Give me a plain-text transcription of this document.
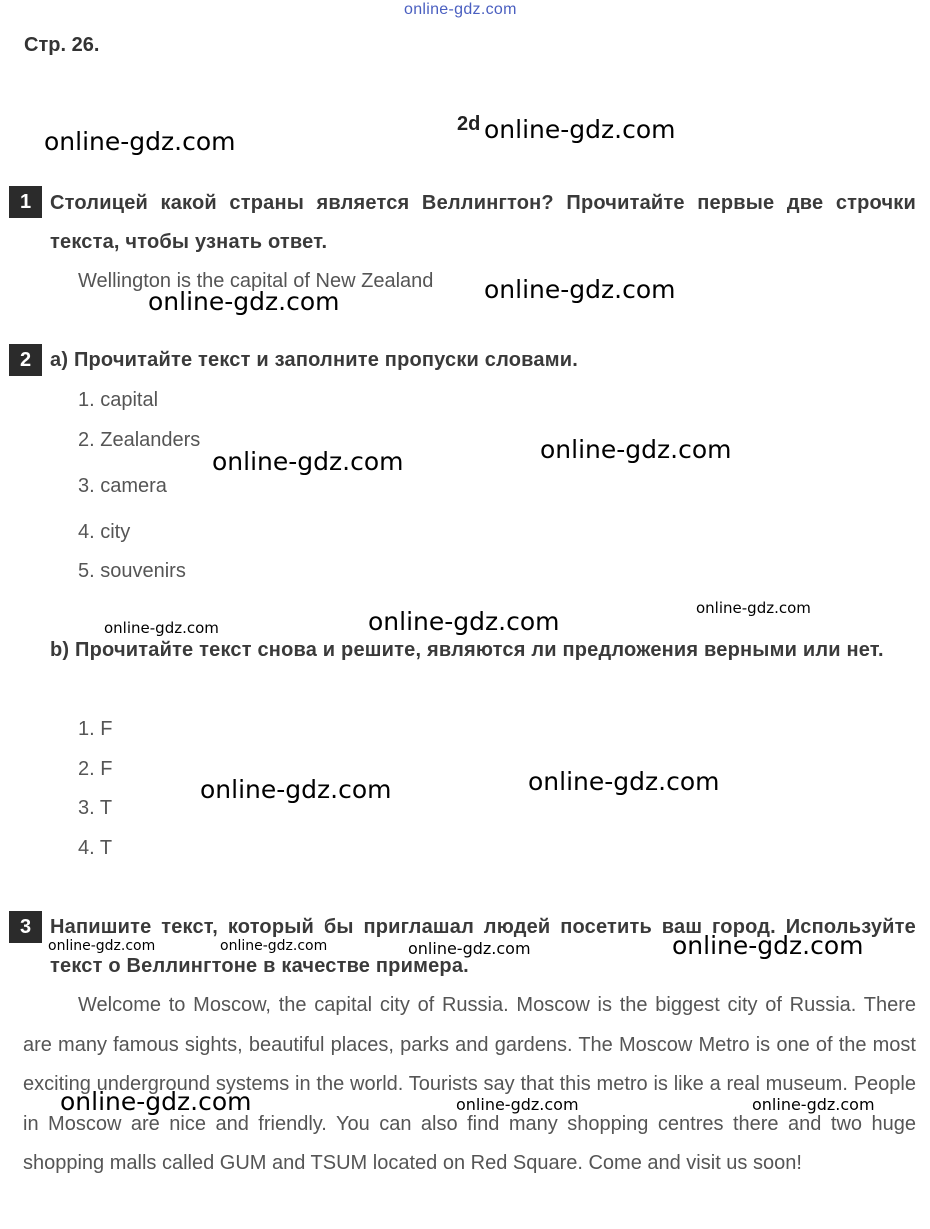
online-gdz.com
Стр. 26.
2d
1 Столицей какой страны является Веллингтон? Прочитайте первые две строчки текста, чтобы узнать ответ.
Wellington is the capital of New Zealand
2 a) Прочитайте текст и заполните пропуски словами.
1. capital
2. Zealanders
3. camera
4. city
5. souvenirs
b) Прочитайте текст снова и решите, являются ли предложения верными или нет.
1. F
2. F
3. T
4. T
3 Напишите текст, который бы приглашал людей посетить ваш город. Используйте текст о Веллингтоне в качестве примера.
Welcome to Moscow, the capital city of Russia. Moscow is the biggest city of Russia. There are many famous sights, beautiful places, parks and gardens. The Moscow Metro is one of the most exciting underground systems in the world. Tourists say that this metro is like a real museum. People in Moscow are nice and friendly. You can also find many shopping centres there and two huge shopping malls called GUM and TSUM located on Red Square. Come and visit us soon!
online-gdz.com	online-gdz.com
online-gdz.com	online-gdz.com
online-gdz.com	online-gdz.com
online-gdz.com	online-gdz.com	online-gdz.com
online-gdz.com	online-gdz.com
online-gdz.com	online-gdz.com	online-gdz.com	online-gdz.com
online-gdz.com	online-gdz.com	online-gdz.com
